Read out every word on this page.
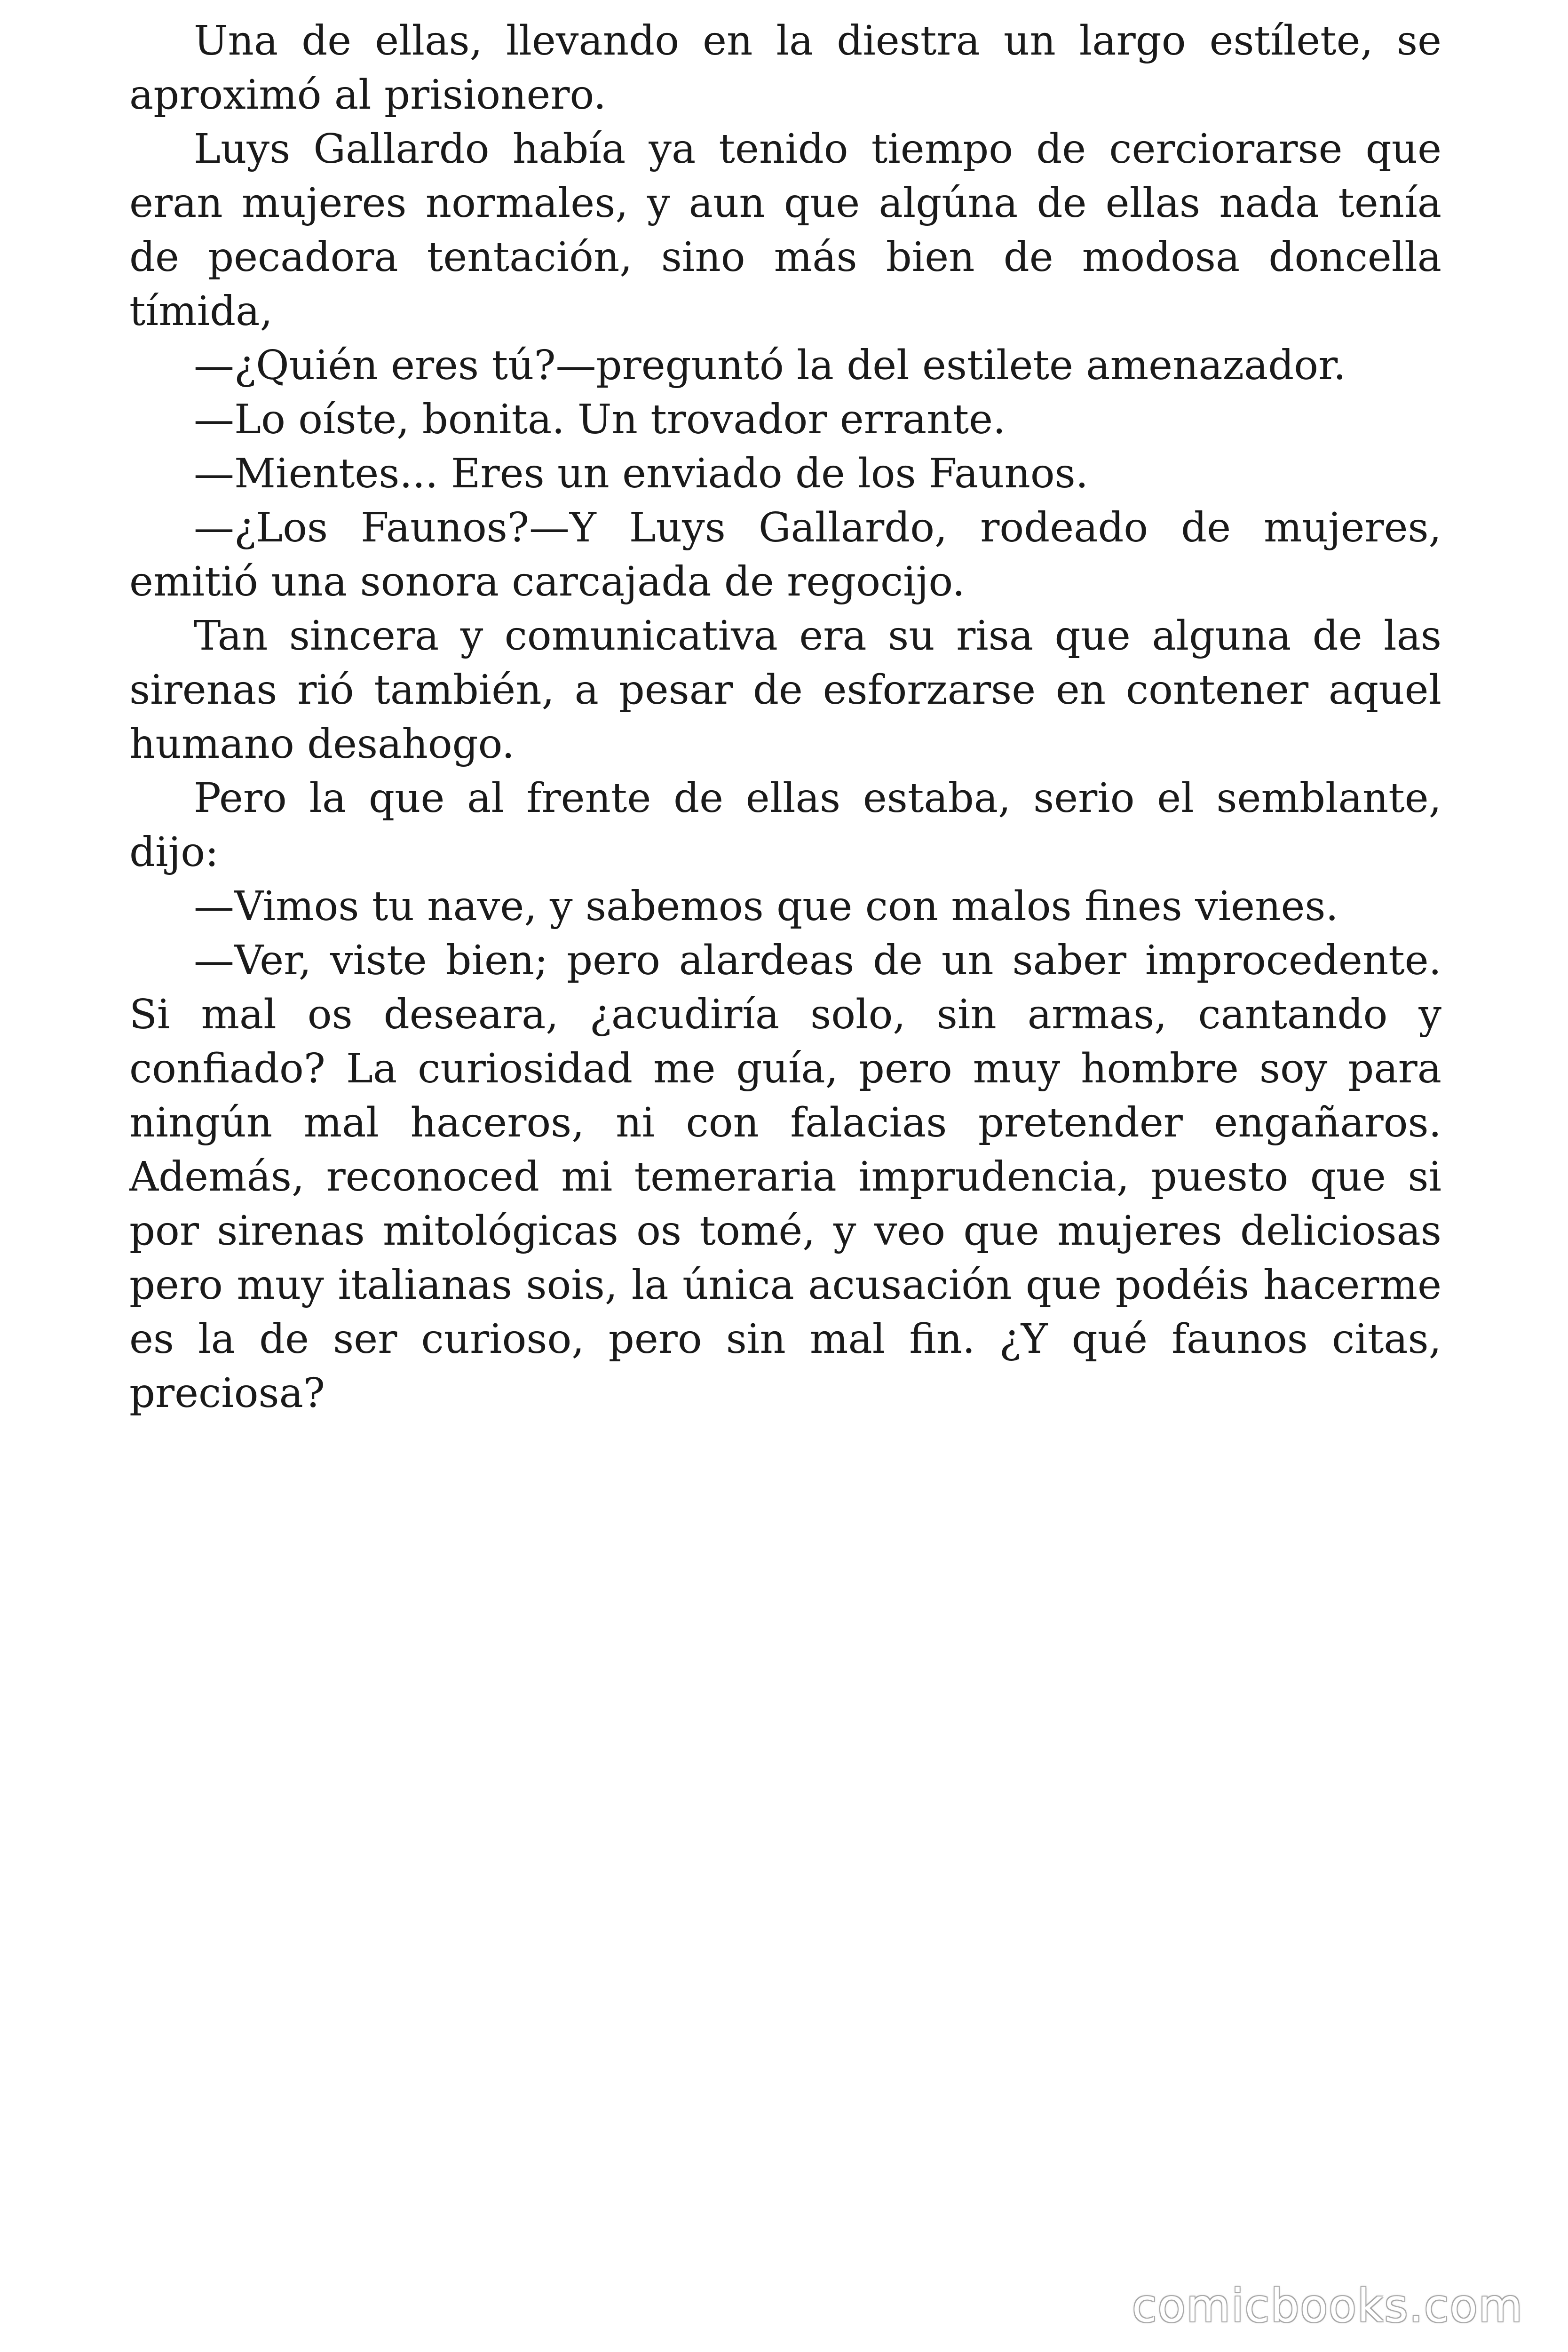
Una de ellas, llevando en la diestra un largo estílete, se aproximó al prisionero.

Luys Gallardo había ya tenido tiempo de cerciorarse que eran mujeres normales, y aun que algúna de ellas nada tenía de pecadora tentación, sino más bien de modosa doncella tímida,

—¿Quién eres tú?—preguntó la del estilete amenazador.

—Lo oíste, bonita. Un trovador errante.

—Mientes... Eres un enviado de los Faunos.

—¿Los Faunos?—Y Luys Gallardo, rodeado de mujeres, emitió una sonora carcajada de regocijo.

Tan sincera y comunicativa era su risa que alguna de las sirenas rió también, a pesar de esforzarse en contener aquel humano desahogo.

Pero la que al frente de ellas estaba, serio el semblante, dijo:

—Vimos tu nave, y sabemos que con malos fines vienes.

—Ver, viste bien; pero alardeas de un saber improcedente. Si mal os deseara, ¿acudiría solo, sin armas, cantando y confiado? La curiosidad me guía, pero muy hombre soy para ningún mal haceros, ni con falacias pretender engañaros. Además, reconoced mi temeraria imprudencia, puesto que si por sirenas mitológicas os tomé, y veo que mujeres deliciosas pero muy italianas sois, la única acusación que podéis hacerme es la de ser curioso, pero sin mal fin. ¿Y qué faunos citas, preciosa?

comicbooks.com
